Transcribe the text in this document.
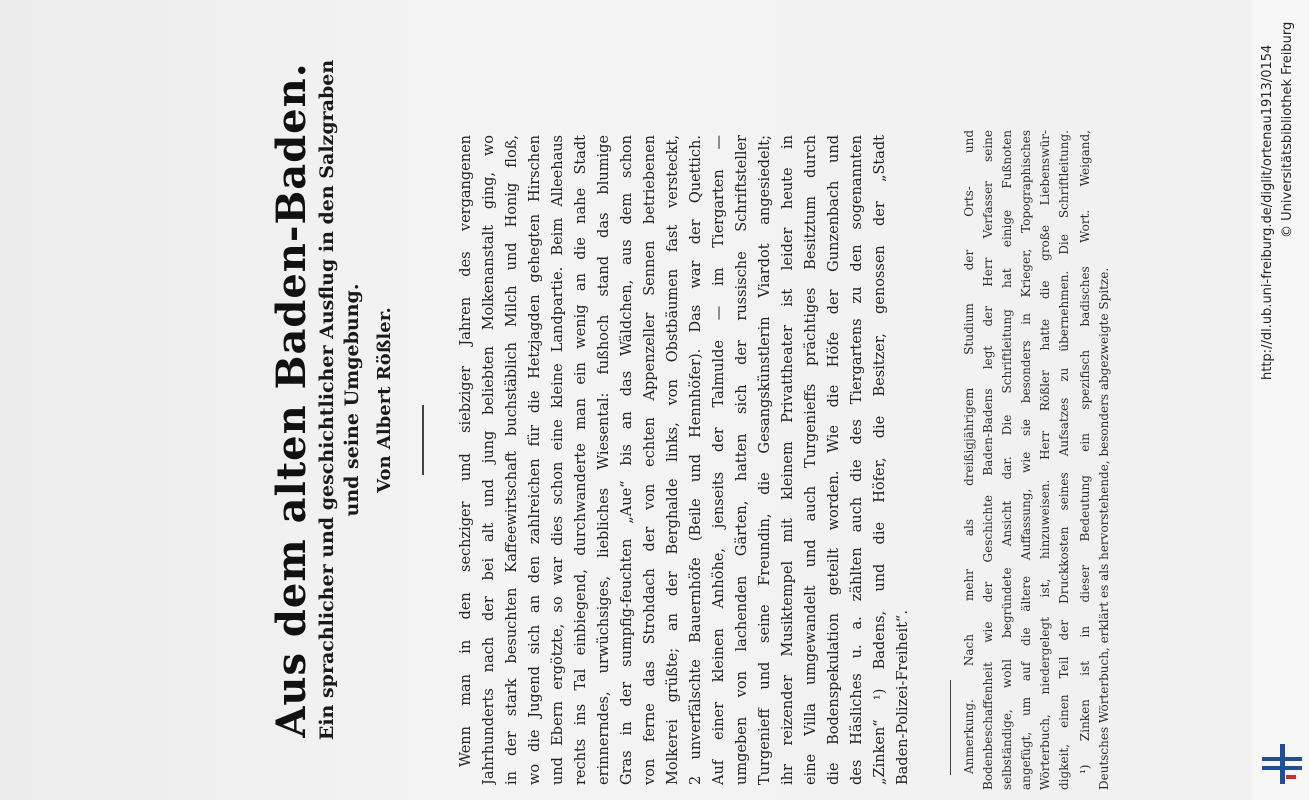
Aus dem alten Baden-Baden. Ein sprachlicher und geschichtlicher Ausflug in den Salzgraben und seine Umgebung. Von Albert Rößler.	Wenn man in den sechziger und siebziger Jahren des vergangenen Jahrhunderts nach der bei alt und jung beliebten Molkenanstalt ging, wo in der stark besuchten Kaffeewirtschaft buchstäblich Milch und Honig floß, wo die Jugend sich an den zahlreichen für die Hetzjagden gehegten Hirschen und Ebern ergötzte, so war dies schon eine kleine Landpartie. Beim Alleehaus rechts ins Tal einbiegend, durchwanderte man ein wenig an die nahe Stadt erinnerndes, urwüchsiges, liebliches Wiesental: fußhoch stand das blumige Gras in der sumpfig-feuchten „Aue“ bis an das Wäldchen, aus dem schon von ferne das Strohdach der von echten Appenzeller Sennen betriebenen Molkerei grüßte; an der Berghalde links, von Obstbäumen fast versteckt, 2 unverfälschte Bauernhöfe (Beile und Hennhöfer). Das war der Quettich. Auf einer kleinen Anhöhe, jenseits der Talmulde — im Tiergarten — umgeben von lachenden Gärten, hatten sich der russische Schriftsteller Turgenieff und seine Freundin, die Gesangskünstlerin Viardot angesiedelt; ihr reizender Musiktempel mit kleinem Privattheater ist leider heute in eine Villa umgewandelt und auch Turgenieffs prächtiges Besitztum durch die Bodenspekulation geteilt worden. Wie die Höfe der Gunzenbach und des Häsliches u. a. zählten auch die des Tiergartens zu den sogenannten „Zinken“ ¹) Badens, und die Höfer, die Besitzer, genossen der „Stadt Baden-Polizei-Freiheit“.	Anmerkung. Nach mehr als dreißigjährigem Studium der Orts- und Bodenbeschaffenheit wie der Geschichte Baden-Badens legt der Herr Verfasser seine selbständige, wohl begründete Ansicht dar. Die Schriftleitung hat einige Fußnoten angefügt, um auf die ältere Auffassung, wie sie besonders in Krieger, Topographisches Wörterbuch, niedergelegt ist, hinzuweisen. Herr Rößler hatte die große Liebenswür- digkeit, einen Teil der Druckkosten seines Aufsatzes zu übernehmen. Die Schriftleitung. ¹) Zinken ist in dieser Bedeutung ein spezifisch badisches Wort. Weigand, Deutsches Wörterbuch, erklärt es als hervorstehende, besonders abgezweigte Spitze.
http://dl.ub.uni-freiburg.de/diglit/ortenau1913/0154 © Universitätsbibliothek Freiburg
